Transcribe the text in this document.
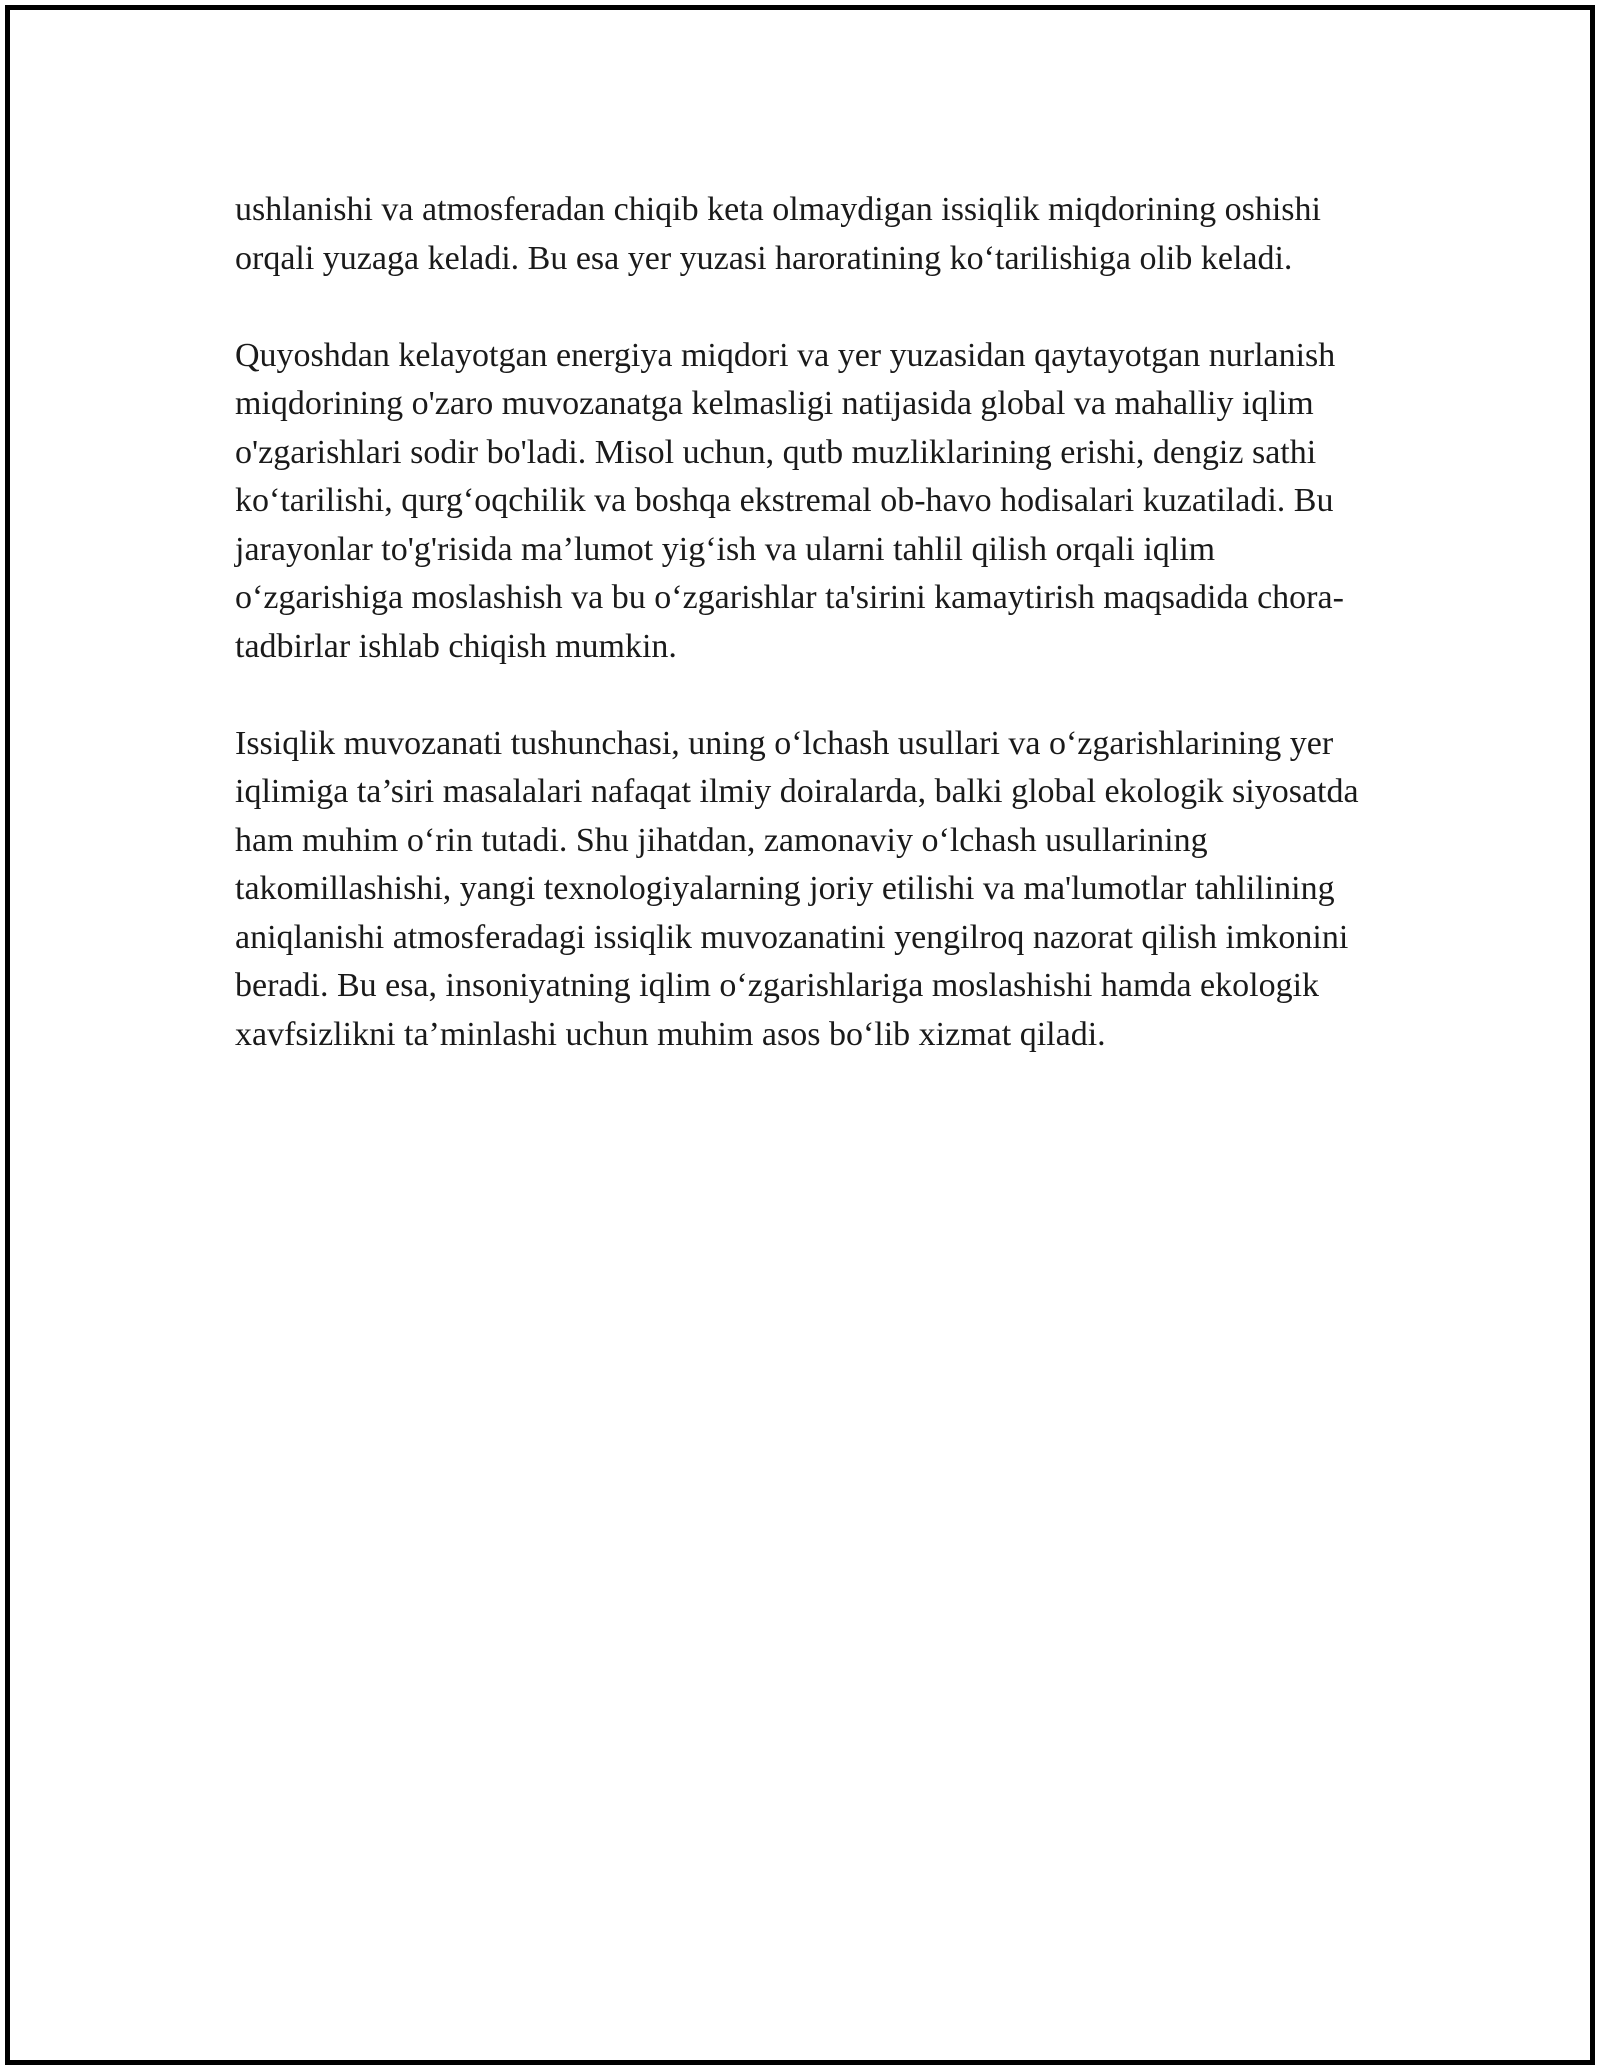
ushlanishi va atmosferadan chiqib keta olmaydigan issiqlik miqdorining oshishi orqali yuzaga keladi. Bu esa yer yuzasi haroratining ko‘tarilishiga olib keladi.

Quyoshdan kelayotgan energiya miqdori va yer yuzasidan qaytayotgan nurlanish miqdorining o'zaro muvozanatga kelmasligi natijasida global va mahalliy iqlim o'zgarishlari sodir bo'ladi. Misol uchun, qutb muzliklarining erishi, dengiz sathi ko‘tarilishi, qurg‘oqchilik va boshqa ekstremal ob-havo hodisalari kuzatiladi. Bu jarayonlar to'g'risida ma’lumot yig‘ish va ularni tahlil qilish orqali iqlim o‘zgarishiga moslashish va bu o‘zgarishlar ta'sirini kamaytirish maqsadida chora-tadbirlar ishlab chiqish mumkin.

Issiqlik muvozanati tushunchasi, uning o‘lchash usullari va o‘zgarishlarining yer iqlimiga ta’siri masalalari nafaqat ilmiy doiralarda, balki global ekologik siyosatda ham muhim o‘rin tutadi. Shu jihatdan, zamonaviy o‘lchash usullarining takomillashishi, yangi texnologiyalarning joriy etilishi va ma'lumotlar tahlilining aniqlanishi atmosferadagi issiqlik muvozanatini yengilroq nazorat qilish imkonini beradi. Bu esa, insoniyatning iqlim o‘zgarishlariga moslashishi hamda ekologik xavfsizlikni ta’minlashi uchun muhim asos bo‘lib xizmat qiladi.
